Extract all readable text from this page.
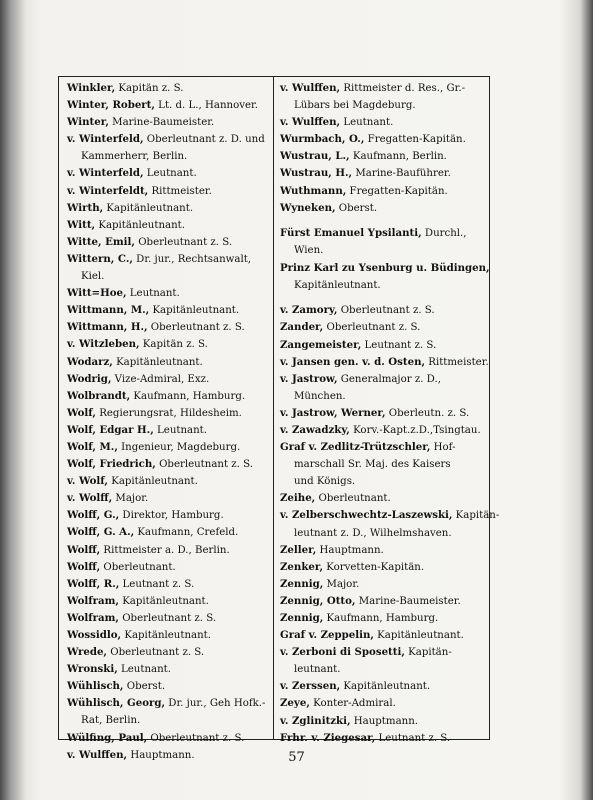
Winkler, Kapitän z. S.
Winter, Robert, Lt. d. L., Hannover.
Winter, Marine-Baumeister.
v. Winterfeld, Oberleutnant z. D. und
Kammerherr, Berlin.
v. Winterfeld, Leutnant.
v. Winterfeldt, Rittmeister.
Wirth, Kapitänleutnant.
Witt, Kapitänleutnant.
Witte, Emil, Oberleutnant z. S.
Wittern, C., Dr. jur., Rechtsanwalt,
Kiel.
Witt=Hoe, Leutnant.
Wittmann, M., Kapitänleutnant.
Wittmann, H., Oberleutnant z. S.
v. Witzleben, Kapitän z. S.
Wodarz, Kapitänleutnant.
Wodrig, Vize-Admiral, Exz.
Wolbrandt, Kaufmann, Hamburg.
Wolf, Regierungsrat, Hildesheim.
Wolf, Edgar H., Leutnant.
Wolf, M., Ingenieur, Magdeburg.
Wolf, Friedrich, Oberleutnant z. S.
v. Wolf, Kapitänleutnant.
v. Wolff, Major.
Wolff, G., Direktor, Hamburg.
Wolff, G. A., Kaufmann, Crefeld.
Wolff, Rittmeister a. D., Berlin.
Wolff, Oberleutnant.
Wolff, R., Leutnant z. S.
Wolfram, Kapitänleutnant.
Wolfram, Oberleutnant z. S.
Wossidlo, Kapitänleutnant.
Wrede, Oberleutnant z. S.
Wronski, Leutnant.
Wühlisch, Oberst.
Wühlisch, Georg, Dr. jur., Geh Hofk.-
Rat, Berlin.
Wülfing, Paul, Oberleutnant z. S.
v. Wulffen, Hauptmann.
v. Wulffen, Rittmeister d. Res., Gr.-
Lübars bei Magdeburg.
v. Wulffen, Leutnant.
Wurmbach, O., Fregatten-Kapitän.
Wustrau, L., Kaufmann, Berlin.
Wustrau, H., Marine-Bauführer.
Wuthmann, Fregatten-Kapitän.
Wyneken, Oberst.
Fürst Emanuel Ypsilanti, Durchl.,
Wien.
Prinz Karl zu Ysenburg u. Büdingen,
Kapitänleutnant.
v. Zamory, Oberleutnant z. S.
Zander, Oberleutnant z. S.
Zangemeister, Leutnant z. S.
v. Jansen gen. v. d. Osten, Rittmeister.
v. Jastrow, Generalmajor z. D.,
München.
v. Jastrow, Werner, Oberleutn. z. S.
v. Zawadzky, Korv.-Kapt.z.D.,Tsingtau.
Graf v. Zedlitz-Trützschler, Hof-
marschall Sr. Maj. des Kaisers
und Königs.
Zeihe, Oberleutnant.
v. Zelberschwechtz-Laszewski, Kapitän-
leutnant z. D., Wilhelmshaven.
Zeller, Hauptmann.
Zenker, Korvetten-Kapitän.
Zennig, Major.
Zennig, Otto, Marine-Baumeister.
Zennig, Kaufmann, Hamburg.
Graf v. Zeppelin, Kapitänleutnant.
v. Zerboni di Sposetti, Kapitän-
leutnant.
v. Zerssen, Kapitänleutnant.
Zeye, Konter-Admiral.
v. Zglinitzki, Hauptmann.
Frhr. v. Ziegesar, Leutnant z. S.
57
